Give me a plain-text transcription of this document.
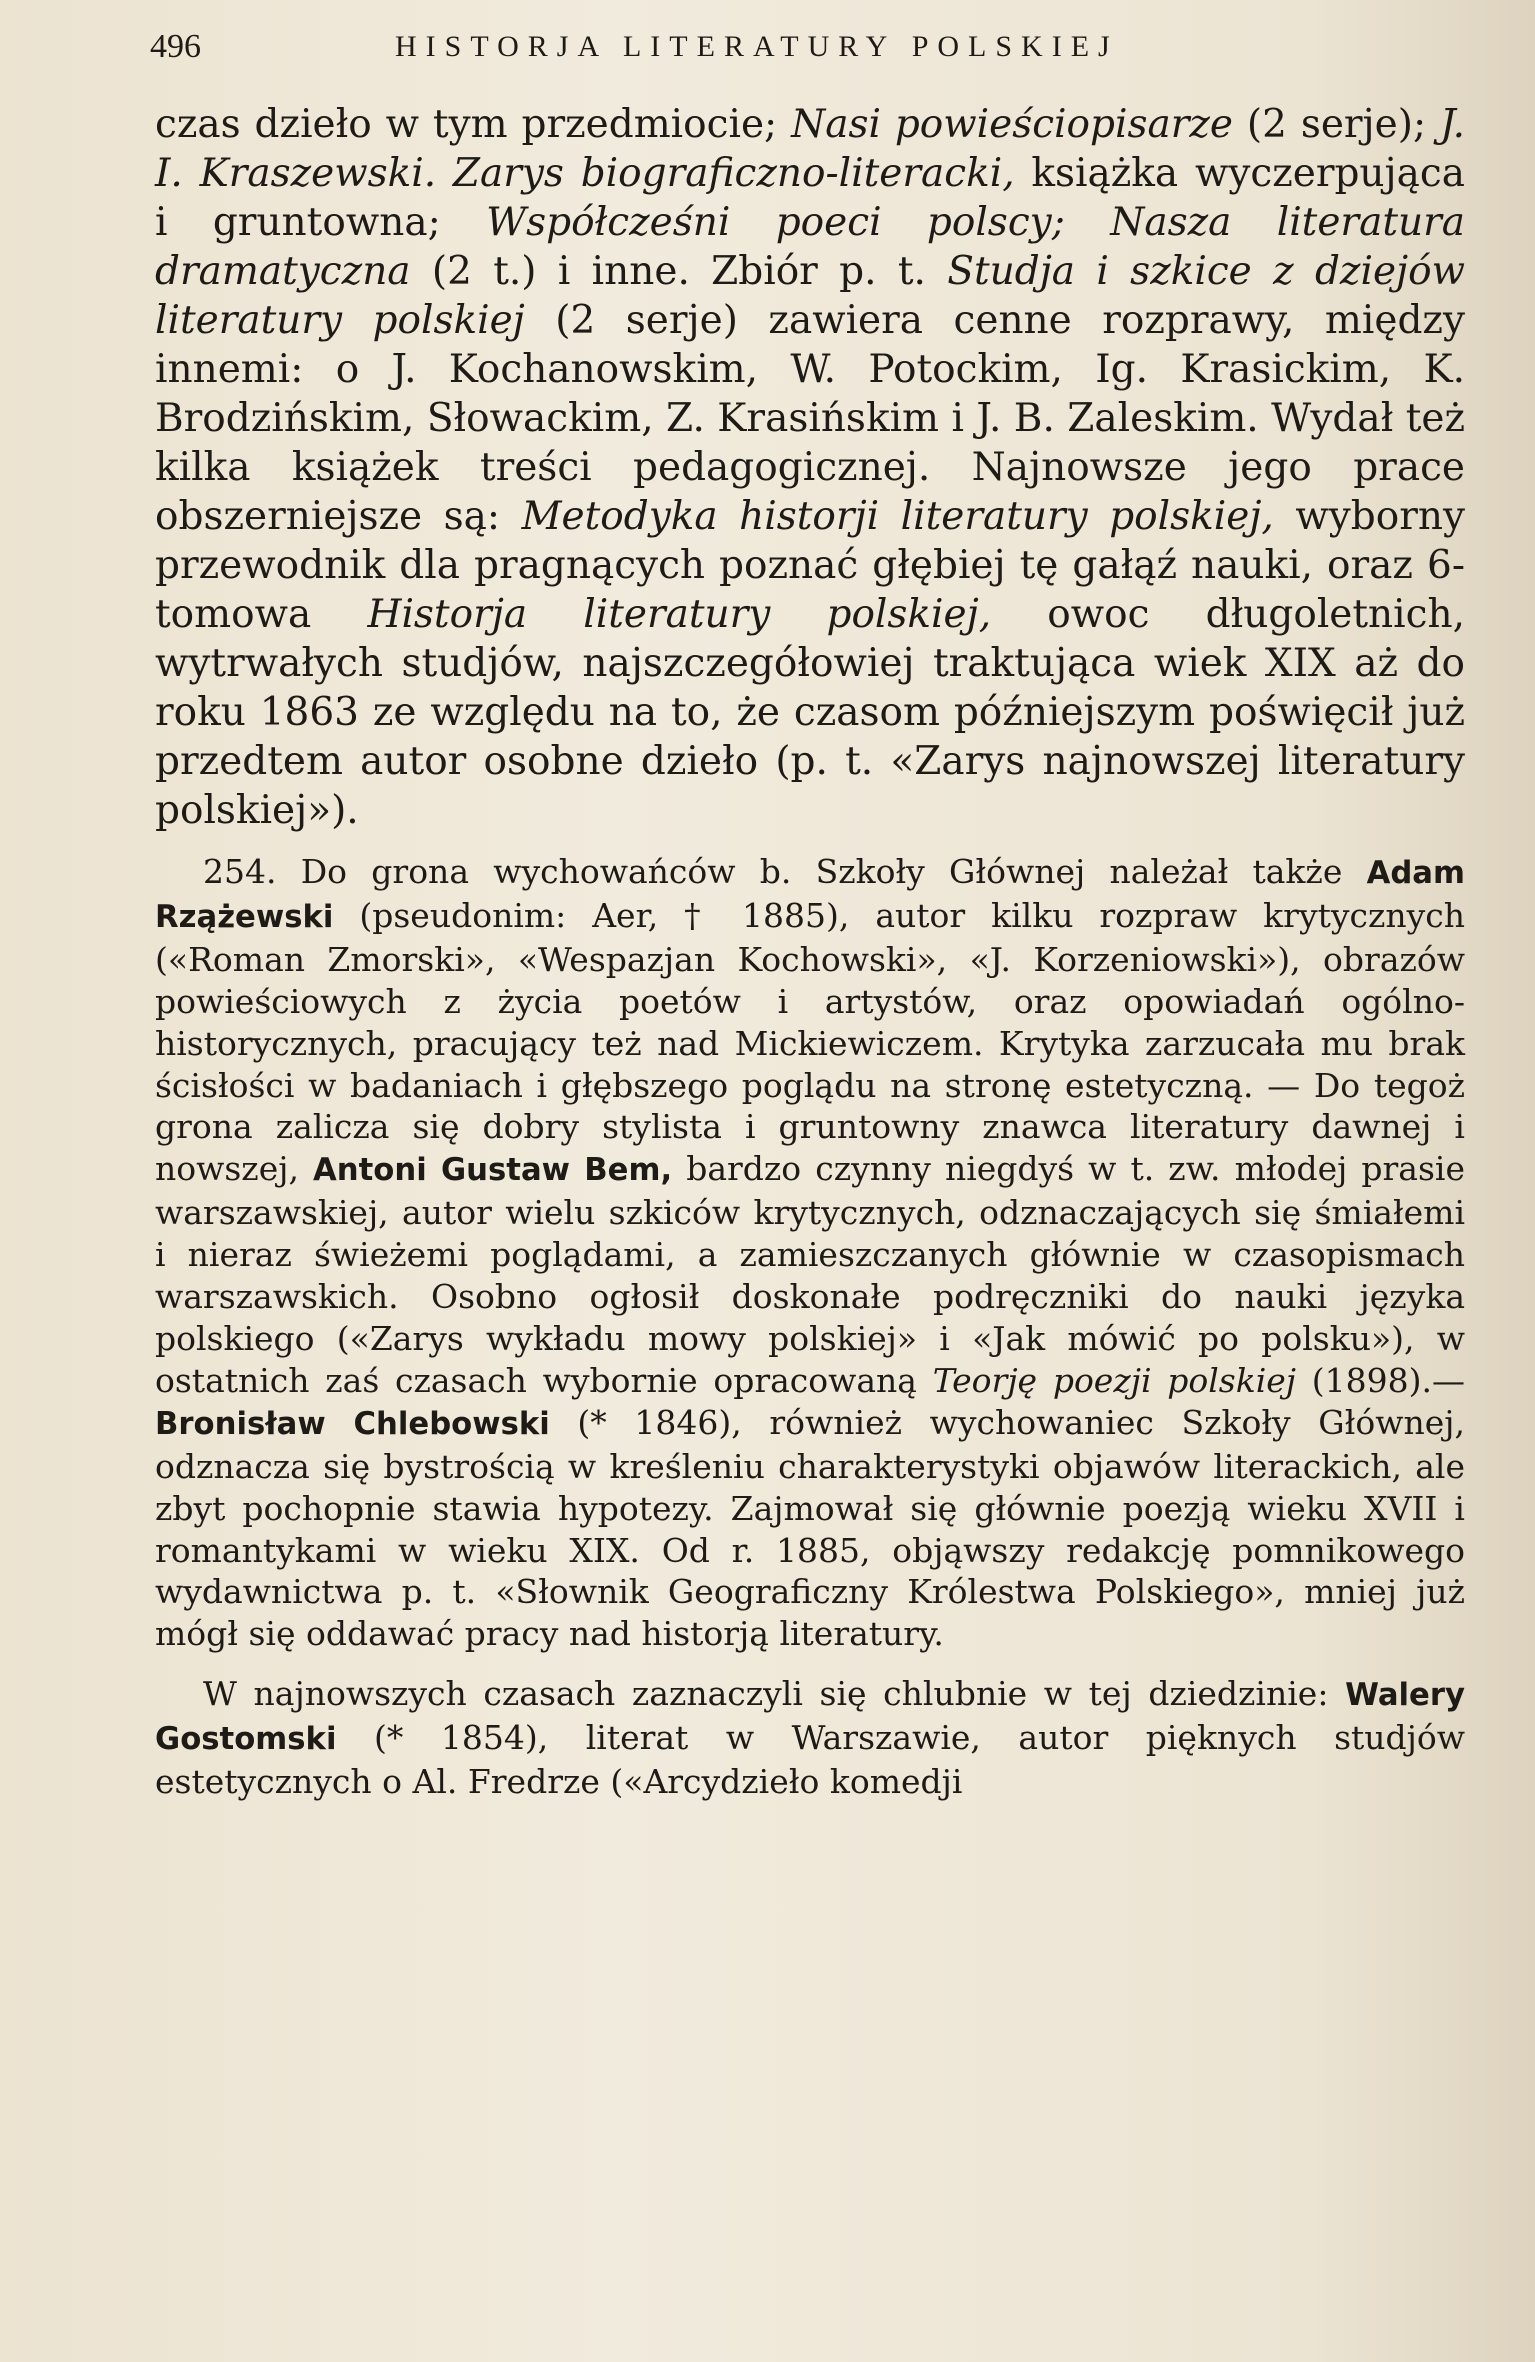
496	HISTORJA LITERATURY POLSKIEJ

czas dzieło w tym przedmiocie; Nasi powieściopisarze (2 serje); J. I. Kraszewski. Zarys biograficzno-literacki, książka wyczerpująca i gruntowna; Współcześni poeci polscy; Nasza literatura dramatyczna (2 t.) i inne. Zbiór p. t. Studja i szkice z dziejów literatury polskiej (2 serje) zawiera cenne rozprawy, między innemi: o J. Kochanowskim, W. Potockim, Ig. Krasickim, K. Brodzińskim, Słowackim, Z. Krasińskim i J. B. Zaleskim. Wydał też kilka książek treści pedagogicznej. Najnowsze jego prace obszerniejsze są: Metodyka historji literatury polskiej, wyborny przewodnik dla pragnących poznać głębiej tę gałąź nauki, oraz 6-tomowa Historja literatury polskiej, owoc długoletnich, wytrwałych studjów, najszczegółowiej traktująca wiek XIX aż do roku 1863 ze względu na to, że czasom późniejszym poświęcił już przedtem autor osobne dzieło (p. t. «Zarys najnowszej literatury polskiej»).

254. Do grona wychowańców b. Szkoły Głównej należał także Adam Rzążewski (pseudonim: Aer, † 1885), autor kilku rozpraw krytycznych («Roman Zmorski», «Wespazjan Kochowski», «J. Korzeniowski»), obrazów powieściowych z życia poetów i artystów, oraz opowiadań ogólno-historycznych, pracujący też nad Mickiewiczem. Krytyka zarzucała mu brak ścisłości w badaniach i głębszego poglądu na stronę estetyczną. — Do tegoż grona zalicza się dobry stylista i gruntowny znawca literatury dawnej i nowszej, Antoni Gustaw Bem, bardzo czynny niegdyś w t. zw. młodej prasie warszawskiej, autor wielu szkiców krytycznych, odznaczających się śmiałemi i nieraz świeżemi poglądami, a zamieszczanych głównie w czasopismach warszawskich. Osobno ogłosił doskonałe podręczniki do nauki języka polskiego («Zarys wykładu mowy polskiej» i «Jak mówić po polsku»), w ostatnich zaś czasach wybornie opracowaną Teorję poezji polskiej (1898).—Bronisław Chlebowski (* 1846), również wychowaniec Szkoły Głównej, odznacza się bystrością w kreśleniu charakterystyki objawów literackich, ale zbyt pochopnie stawia hypotezy. Zajmował się głównie poezją wieku XVII i romantykami w wieku XIX. Od r. 1885, objąwszy redakcję pomnikowego wydawnictwa p. t. «Słownik Geograficzny Królestwa Polskiego», mniej już mógł się oddawać pracy nad historją literatury.

W najnowszych czasach zaznaczyli się chlubnie w tej dziedzinie: Walery Gostomski (* 1854), literat w Warszawie, autor pięknych studjów estetycznych o Al. Fredrze («Arcydzieło komedji
